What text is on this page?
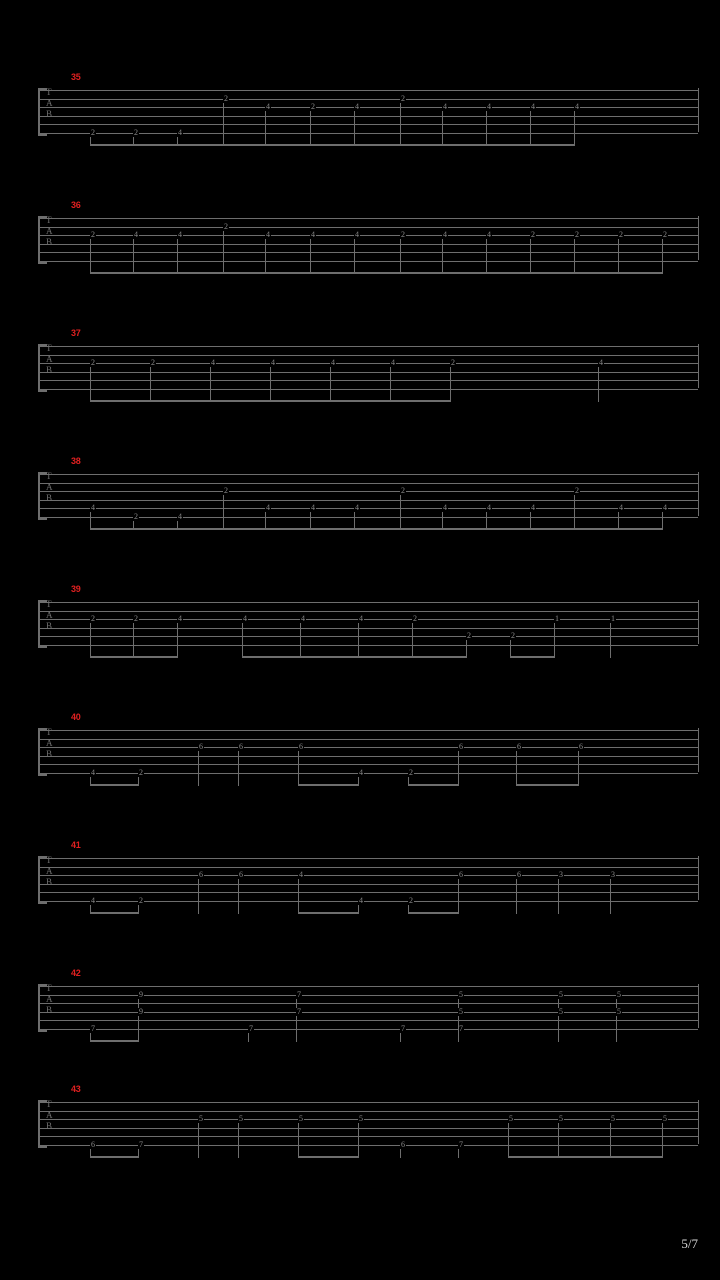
35
T
A
B
2	2	4
2
4	2	4
2
4	4	4	4
36
T
A
B
2	4	4
2
4	4	4	2	4	4	2	2	2	2
37
T
A
B
2	2	4	4	4	4	2	4
38
T
A
B
4
2	4
2
4	4	4
2
4	4	4
2
4	4
39
T
A
B
2	2	4	4	4	4	2
2	2
1	1
40
T
A
B
4	2
6	6	6
4	2
6	6	6
41
T
A
B
4	2
6	6	4
4	2
6	6	3	3
42
T
A
B
7
9
9
7
7
7
7	7
5
5
5
5
5
5
43
T
A
B
6	7
5	5	5	5
6	7
5	5	5	5
5/7
